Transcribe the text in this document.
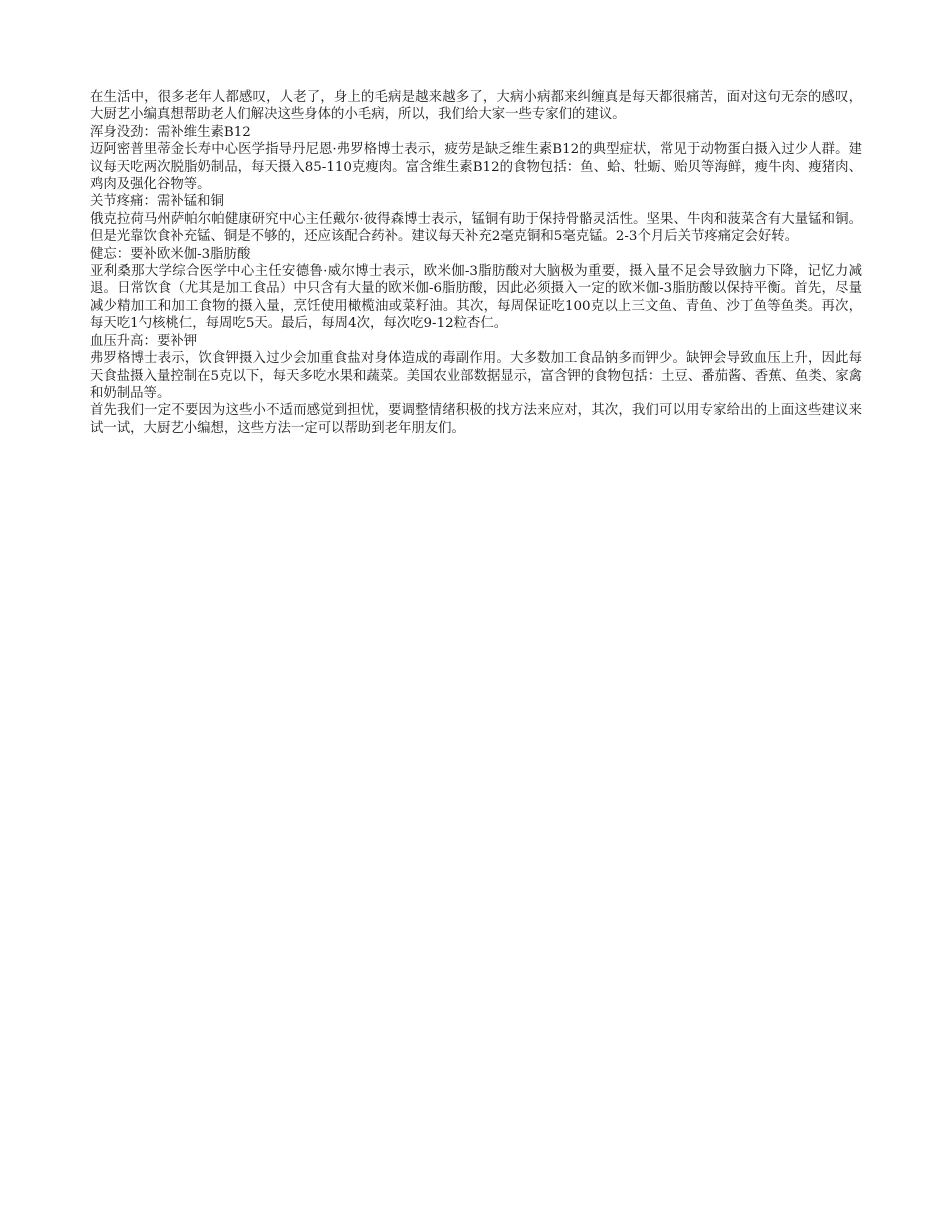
在生活中，很多老年人都感叹，人老了，身上的毛病是越来越多了，大病小病都来纠缠真是每天都很痛苦，面对这句无奈的感叹，大厨艺小编真想帮助老人们解决这些身体的小毛病，所以，我们给大家一些专家们的建议。

浑身没劲：需补维生素B12

迈阿密普里蒂金长寿中心医学指导丹尼恩·弗罗格博士表示，疲劳是缺乏维生素B12的典型症状，常见于动物蛋白摄入过少人群。建议每天吃两次脱脂奶制品，每天摄入85-110克瘦肉。富含维生素B12的食物包括：鱼、蛤、牡蛎、贻贝等海鲜，瘦牛肉、瘦猪肉、鸡肉及强化谷物等。

关节疼痛：需补锰和铜

俄克拉荷马州萨帕尔帕健康研究中心主任戴尔·彼得森博士表示，锰铜有助于保持骨骼灵活性。坚果、牛肉和菠菜含有大量锰和铜。但是光靠饮食补充锰、铜是不够的，还应该配合药补。建议每天补充2毫克铜和5毫克锰。2-3个月后关节疼痛定会好转。

健忘：要补欧米伽-3脂肪酸

亚利桑那大学综合医学中心主任安德鲁·威尔博士表示，欧米伽-3脂肪酸对大脑极为重要，摄入量不足会导致脑力下降，记忆力减退。日常饮食（尤其是加工食品）中只含有大量的欧米伽-6脂肪酸，因此必须摄入一定的欧米伽-3脂肪酸以保持平衡。首先，尽量减少精加工和加工食物的摄入量，烹饪使用橄榄油或菜籽油。其次，每周保证吃100克以上三文鱼、青鱼、沙丁鱼等鱼类。再次，每天吃1勺核桃仁，每周吃5天。最后，每周4次，每次吃9-12粒杏仁。

血压升高：要补钾

弗罗格博士表示，饮食钾摄入过少会加重食盐对身体造成的毒副作用。大多数加工食品钠多而钾少。缺钾会导致血压上升，因此每天食盐摄入量控制在5克以下，每天多吃水果和蔬菜。美国农业部数据显示，富含钾的食物包括：土豆、番茄酱、香蕉、鱼类、家禽和奶制品等。

首先我们一定不要因为这些小不适而感觉到担忧，要调整情绪积极的找方法来应对，其次，我们可以用专家给出的上面这些建议来试一试，大厨艺小编想，这些方法一定可以帮助到老年朋友们。
